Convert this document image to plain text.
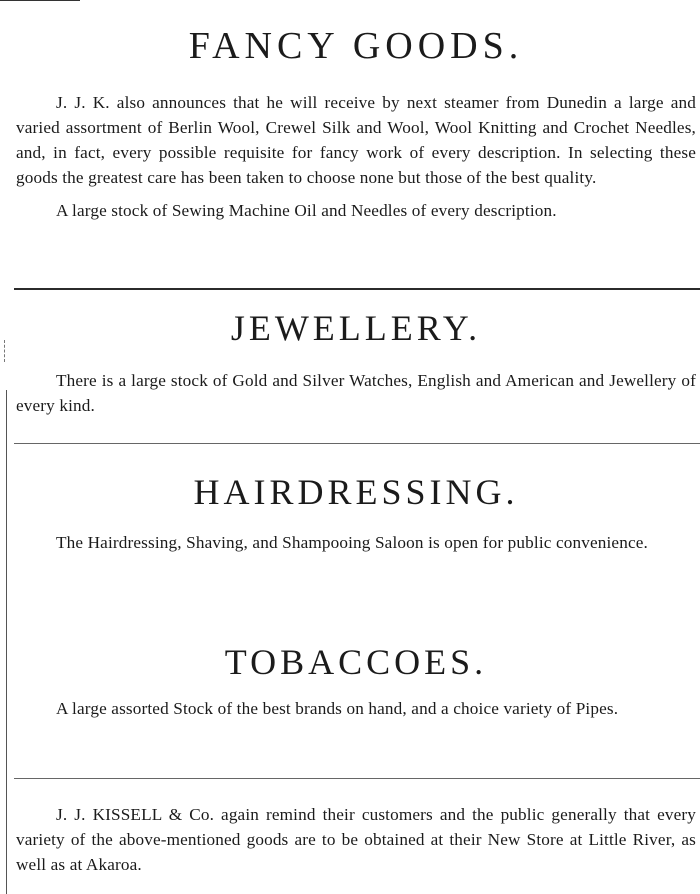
FANCY GOODS.

J. J. K. also announces that he will receive by next steamer from Dunedin a large and varied assortment of Berlin Wool, Crewel Silk and Wool, Wool Knitting and Crochet Needles, and, in fact, every possible requisite for fancy work of every description. In selecting these goods the greatest care has been taken to choose none but those of the best quality.

A large stock of Sewing Machine Oil and Needles of every description.

JEWELLERY.

There is a large stock of Gold and Silver Watches, English and American and Jewellery of every kind.

HAIRDRESSING.

The Hairdressing, Shaving, and Shampooing Saloon is open for public convenience.

TOBACCOES.

A large assorted Stock of the best brands on hand, and a choice variety of Pipes.

J. J. KISSELL & Co. again remind their customers and the public generally that every variety of the above-mentioned goods are to be obtained at their New Store at Little River, as well as at Akaroa.
